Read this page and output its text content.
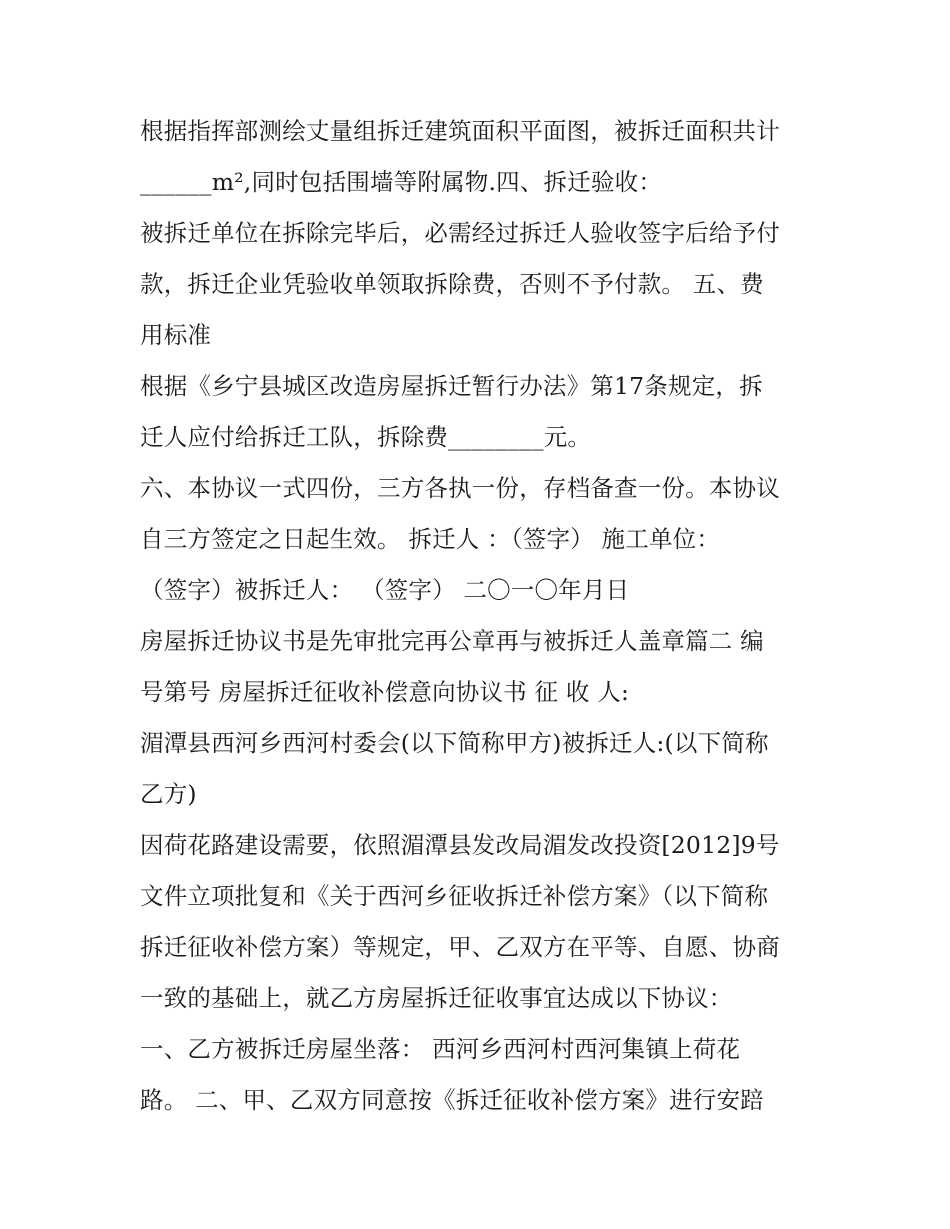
根据指挥部测绘丈量组拆迁建筑面积平面图，被拆迁面积共计
______m²,同时包括围墙等附属物.四、拆迁验收：
被拆迁单位在拆除完毕后，必需经过拆迁人验收签字后给予付
款，拆迁企业凭验收单领取拆除费，否则不予付款。 五、费
用标准
根据《乡宁县城区改造房屋拆迁暂行办法》第17条规定，拆
迁人应付给拆迁工队，拆除费________元。
六、本协议一式四份，三方各执一份，存档备查一份。本协议
自三方签定之日起生效。 拆迁人 ：（签字） 施工单位：
（签字）被拆迁人： （签字） 二〇一〇年月日
房屋拆迁协议书是先审批完再公章再与被拆迁人盖章篇二 编
号第号 房屋拆迁征收补偿意向协议书 征 收 人:
湄潭县西河乡西河村委会(以下简称甲方)被拆迁人:(以下简称
乙方)
因荷花路建设需要，依照湄潭县发改局湄发改投资[2012]9号
文件立项批复和《关于西河乡征收拆迁补偿方案》（以下简称
拆迁征收补偿方案）等规定，甲、乙双方在平等、自愿、协商
一致的基础上，就乙方房屋拆迁征收事宜达成以下协议：
一、乙方被拆迁房屋坐落： 西河乡西河村西河集镇上荷花
路。 二、甲、乙双方同意按《拆迁征收补偿方案》进行安踣
